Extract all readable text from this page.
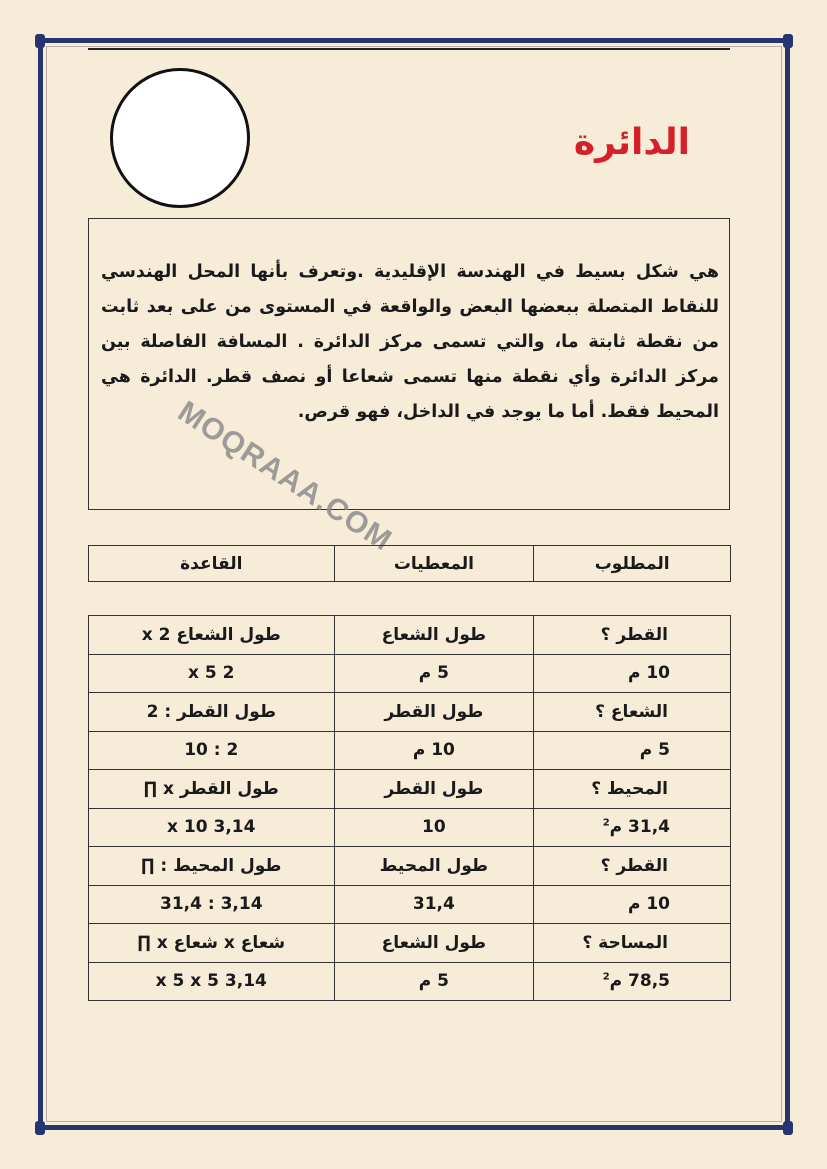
الدائرة

هي شكل بسيط في الهندسة الإقليدية .وتعرف بأنها المحل الهندسي للنقاط المتصلة ببعضها البعض والواقعة في المستوى من على بعد ثابت من نقطة ثابتة ما، والتي تسمى مركز الدائرة . المسافة الفاصلة بين مركز الدائرة وأي نقطة منها تسمى شعاعا أو نصف قطر. الدائرة هي المحيط فقط. أما ما يوجد في الداخل، فهو قرص.

MOQRAAA.COM
المطلوب	المعطيات	القاعدة
القطر ؟	طول الشعاع	طول الشعاع x 2
10 م	5 م	2 x 5
الشعاع ؟	طول القطر	طول القطر : 2
5 م	10 م	2 : 10
المحيط ؟	طول القطر	طول القطر x ∏
31,4 م$^2$	10	3,14 x 10
القطر ؟	طول المحيط	طول المحيط : ∏
10 م	31,4	3,14 : 31,4
المساحة ؟	طول الشعاع	شعاع x شعاع x ∏
78,5 م$^2$	5 م	3,14 x 5 x 5
